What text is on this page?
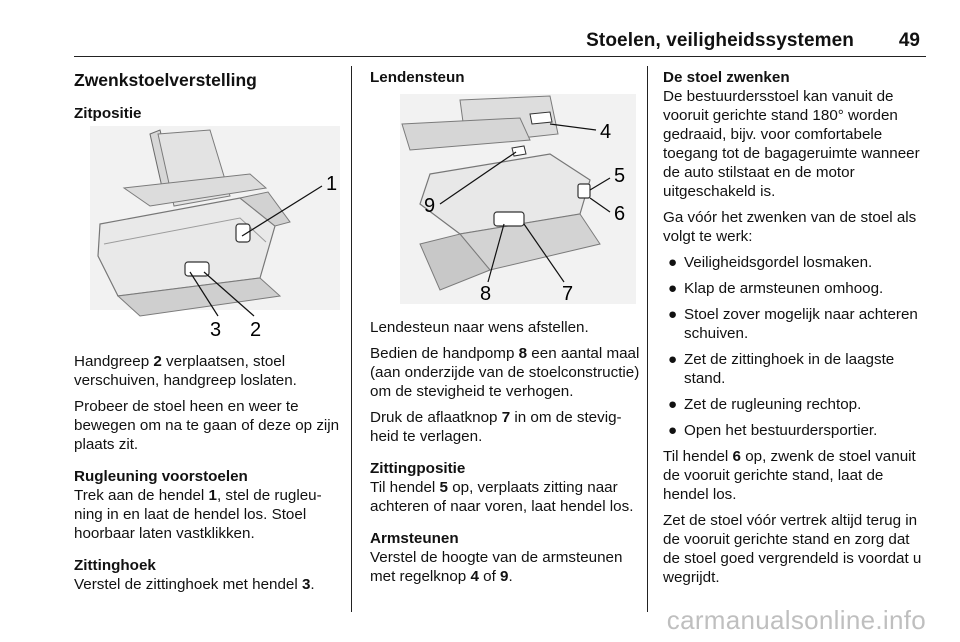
Stoelen, veiligheidssystemen 49

Zwenkstoelverstelling

Zitpositie

1
3 2

Handgreep 2 verplaatsen, stoel verschuiven, handgreep loslaten.

Probeer de stoel heen en weer te bewegen om na te gaan of deze op zijn plaats zit.

Rugleuning voorstoelen

Trek aan de hendel 1, stel de rugleuning in en laat de hendel los. Stoel hoorbaar laten vastklikken.

Zittinghoek

Verstel de zittinghoek met hendel 3.

Lendensteun

4
5
6
9
8	7

Lendesteun naar wens afstellen.

Bedien de handpomp 8 een aantal maal (aan onderzijde van de stoelconstructie) om de stevigheid te verhogen.

Druk de aflaatknop 7 in om de stevigheid te verlagen.

Zittingpositie

Til hendel 5 op, verplaats zitting naar achteren of naar voren, laat hendel los.

Armsteunen

Verstel de hoogte van de armsteunen met regelknop 4 of 9.

De stoel zwenken

De bestuurdersstoel kan vanuit de vooruit gerichte stand 180° worden gedraaid, bijv. voor comfortabele toegang tot de bagageruimte wanneer de auto stilstaat en de motor uitgeschakeld is.

Ga vóór het zwenken van de stoel als volgt te werk:

● Veiligheidsgordel losmaken.

● Klap de armsteunen omhoog.

● Stoel zover mogelijk naar achteren schuiven.

● Zet de zittinghoek in de laagste stand.

● Zet de rugleuning rechtop.

● Open het bestuurdersportier.

Til hendel 6 op, zwenk de stoel vanuit de vooruit gerichte stand, laat de hendel los.

Zet de stoel vóór vertrek altijd terug in de vooruit gerichte stand en zorg dat de stoel goed vergrendeld is voordat u wegrijdt.

carmanualsonline.info
